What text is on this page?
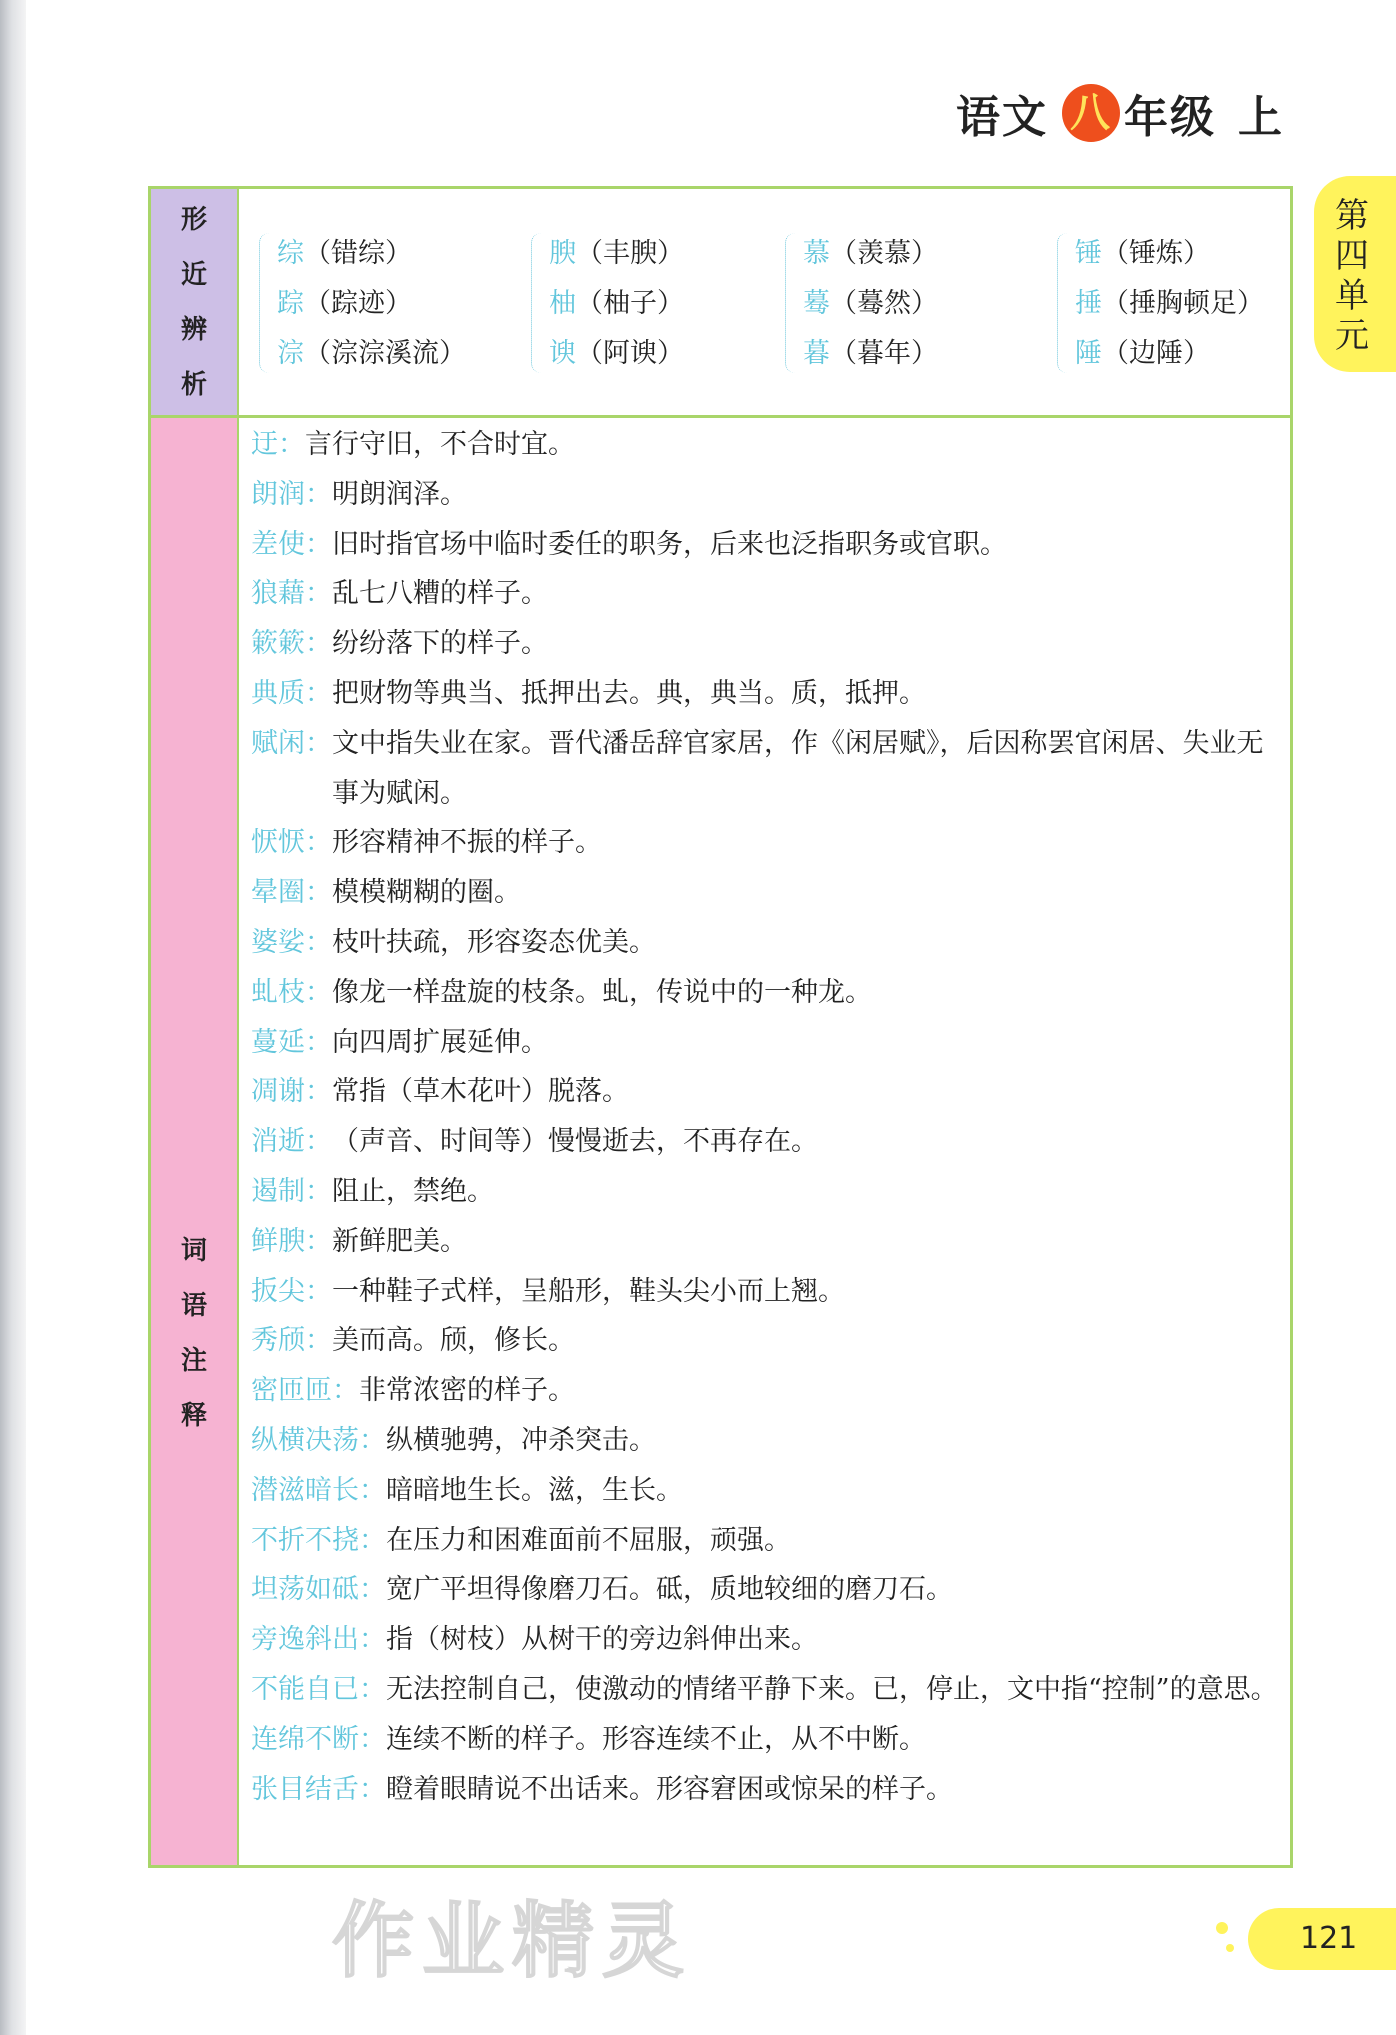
语文 八 年级 上
第四单元
形
近
辨
析
综（错综）
踪（踪迹）
淙（淙淙溪流）
腴（丰腴）
柚（柚子）
谀（阿谀）
慕（羡慕）
蓦（蓦然）
暮（暮年）
锤（锤炼）
捶（捶胸顿足）
陲（边陲）
词
语
注
释
迂： 言行守旧，不合时宜。
朗润： 明朗润泽。
差使： 旧时指官场中临时委任的职务，后来也泛指职务或官职。
狼藉： 乱七八糟的样子。
簌簌： 纷纷落下的样子。
典质： 把财物等典当、抵押出去。典，典当。质，抵押。
赋闲： 文中指失业在家。晋代潘岳辞官家居，作《闲居赋》，后因称罢官闲居、失业无事为赋闲。
恹恹： 形容精神不振的样子。
晕圈： 模模糊糊的圈。
婆娑： 枝叶扶疏，形容姿态优美。
虬枝： 像龙一样盘旋的枝条。虬，传说中的一种龙。
蔓延： 向四周扩展延伸。
凋谢： 常指（草木花叶）脱落。
消逝： （声音、时间等）慢慢逝去，不再存在。
遏制： 阻止，禁绝。
鲜腴： 新鲜肥美。
扳尖： 一种鞋子式样，呈船形，鞋头尖小而上翘。
秀颀： 美而高。颀，修长。
密匝匝： 非常浓密的样子。
纵横决荡： 纵横驰骋，冲杀突击。
潜滋暗长： 暗暗地生长。滋，生长。
不折不挠： 在压力和困难面前不屈服，顽强。
坦荡如砥： 宽广平坦得像磨刀石。砥，质地较细的磨刀石。
旁逸斜出： 指（树枝）从树干的旁边斜伸出来。
不能自已： 无法控制自己，使激动的情绪平静下来。已，停止，文中指“控制”的意思。
连绵不断： 连续不断的样子。形容连续不止，从不中断。
张目结舌： 瞪着眼睛说不出话来。形容窘困或惊呆的样子。
121
作业精灵
